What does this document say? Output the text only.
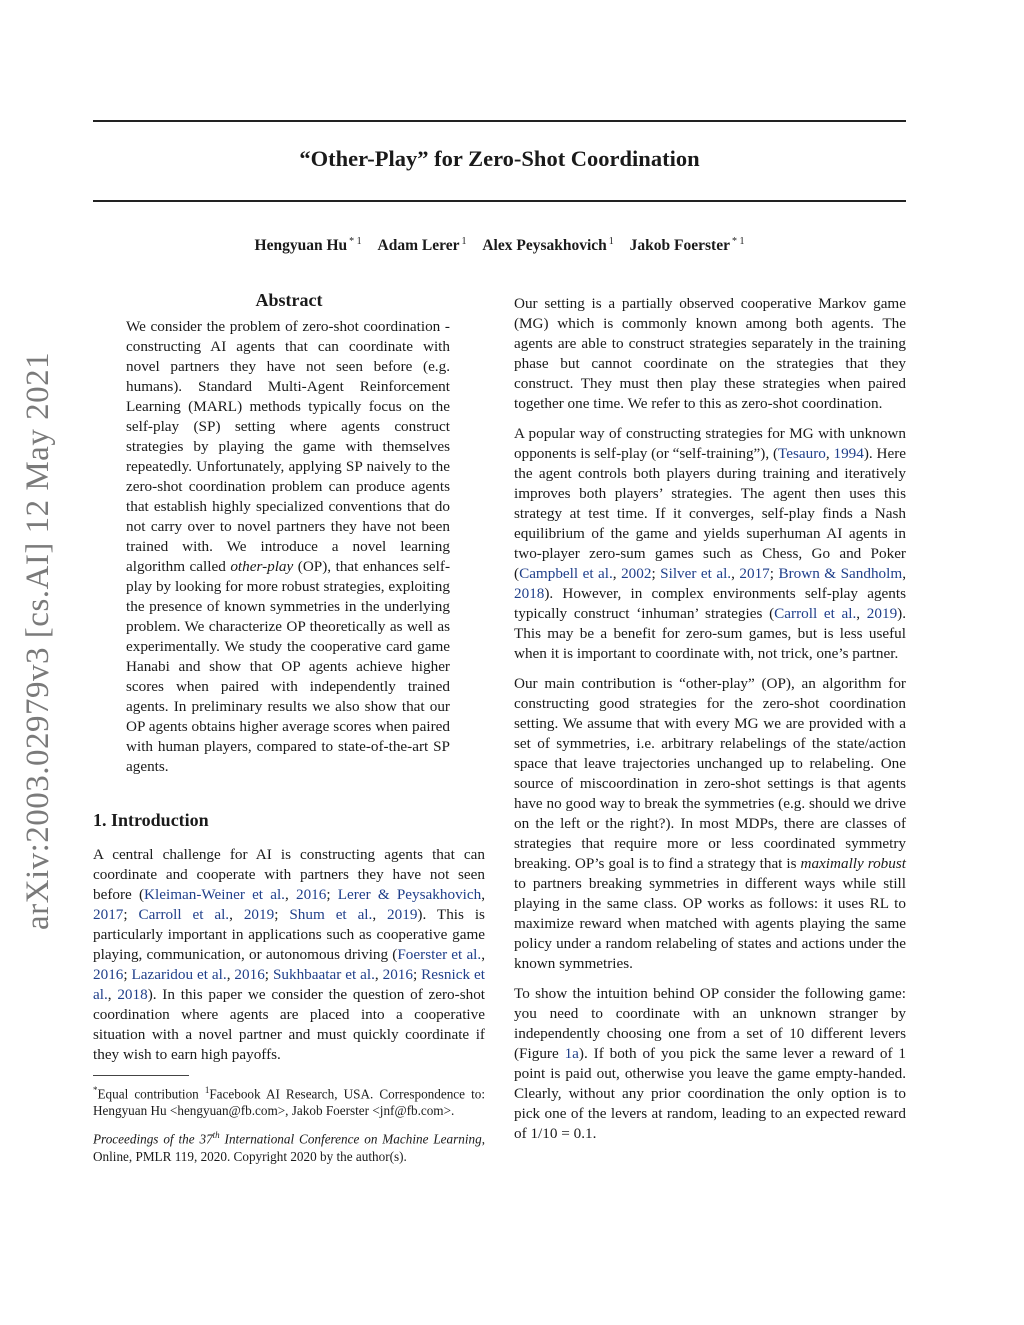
“Other-Play” for Zero-Shot Coordination
Hengyuan Hu $^{* 1}$ Adam Lerer $^1$ Alex Peysakhovich $^1$ Jakob Foerster $^{* 1}$
arXiv:2003.02979v3 [cs.AI] 12 May 2021
Abstract

We consider the problem of zero-shot coordination - constructing AI agents that can coordinate with novel partners they have not seen before (e.g. humans). Standard Multi-Agent Reinforcement Learning (MARL) methods typically focus on the self-play (SP) setting where agents construct strategies by playing the game with themselves repeatedly. Unfortunately, applying SP naively to the zero-shot coordination problem can produce agents that establish highly specialized conventions that do not carry over to novel partners they have not been trained with. We introduce a novel learning algorithm called other-play (OP), that enhances self-play by looking for more robust strategies, exploiting the presence of known symmetries in the underlying problem. We characterize OP theoretically as well as experimentally. We study the cooperative card game Hanabi and show that OP agents achieve higher scores when paired with independently trained agents. In preliminary results we also show that our OP agents obtains higher average scores when paired with human players, compared to state-of-the-art SP agents.

1. Introduction

A central challenge for AI is constructing agents that can coordinate and cooperate with partners they have not seen before (Kleiman-Weiner et al., 2016; Lerer & Peysakhovich, 2017; Carroll et al., 2019; Shum et al., 2019). This is particularly important in applications such as cooperative game playing, communication, or autonomous driving (Foerster et al., 2016; Lazaridou et al., 2016; Sukhbaatar et al., 2016; Resnick et al., 2018). In this paper we consider the question of zero-shot coordination where agents are placed into a cooperative situation with a novel partner and must quickly coordinate if they wish to earn high payoffs.

*Equal contribution $^1$Facebook AI Research, USA. Correspondence to: Hengyuan Hu <hengyuan@fb.com>, Jakob Foerster <jnf@fb.com>.

Proceedings of the 37th International Conference on Machine Learning, Online, PMLR 119, 2020. Copyright 2020 by the author(s).

Our setting is a partially observed cooperative Markov game (MG) which is commonly known among both agents. The agents are able to construct strategies separately in the training phase but cannot coordinate on the strategies that they construct. They must then play these strategies when paired together one time. We refer to this as zero-shot coordination.

A popular way of constructing strategies for MG with unknown opponents is self-play (or “self-training”), (Tesauro, 1994). Here the agent controls both players during training and iteratively improves both players’ strategies. The agent then uses this strategy at test time. If it converges, self-play finds a Nash equilibrium of the game and yields superhuman AI agents in two-player zero-sum games such as Chess, Go and Poker (Campbell et al., 2002; Silver et al., 2017; Brown & Sandholm, 2018). However, in complex environments self-play agents typically construct ‘inhuman’ strategies (Carroll et al., 2019). This may be a benefit for zero-sum games, but is less useful when it is important to coordinate with, not trick, one’s partner.

Our main contribution is “other-play” (OP), an algorithm for constructing good strategies for the zero-shot coordination setting. We assume that with every MG we are provided with a set of symmetries, i.e. arbitrary relabelings of the state/action space that leave trajectories unchanged up to relabeling. One source of miscoordination in zero-shot settings is that agents have no good way to break the symmetries (e.g. should we drive on the left or the right?). In most MDPs, there are classes of strategies that require more or less coordinated symmetry breaking. OP’s goal is to find a strategy that is maximally robust to partners breaking symmetries in different ways while still playing in the same class. OP works as follows: it uses RL to maximize reward when matched with agents playing the same policy under a random relabeling of states and actions under the known symmetries.

To show the intuition behind OP consider the following game: you need to coordinate with an unknown stranger by independently choosing one from a set of 10 different levers (Figure 1a). If both of you pick the same lever a reward of 1 point is paid out, otherwise you leave the game empty-handed. Clearly, without any prior coordination the only option is to pick one of the levers at random, leading to an expected reward of 1/10 = 0.1.
